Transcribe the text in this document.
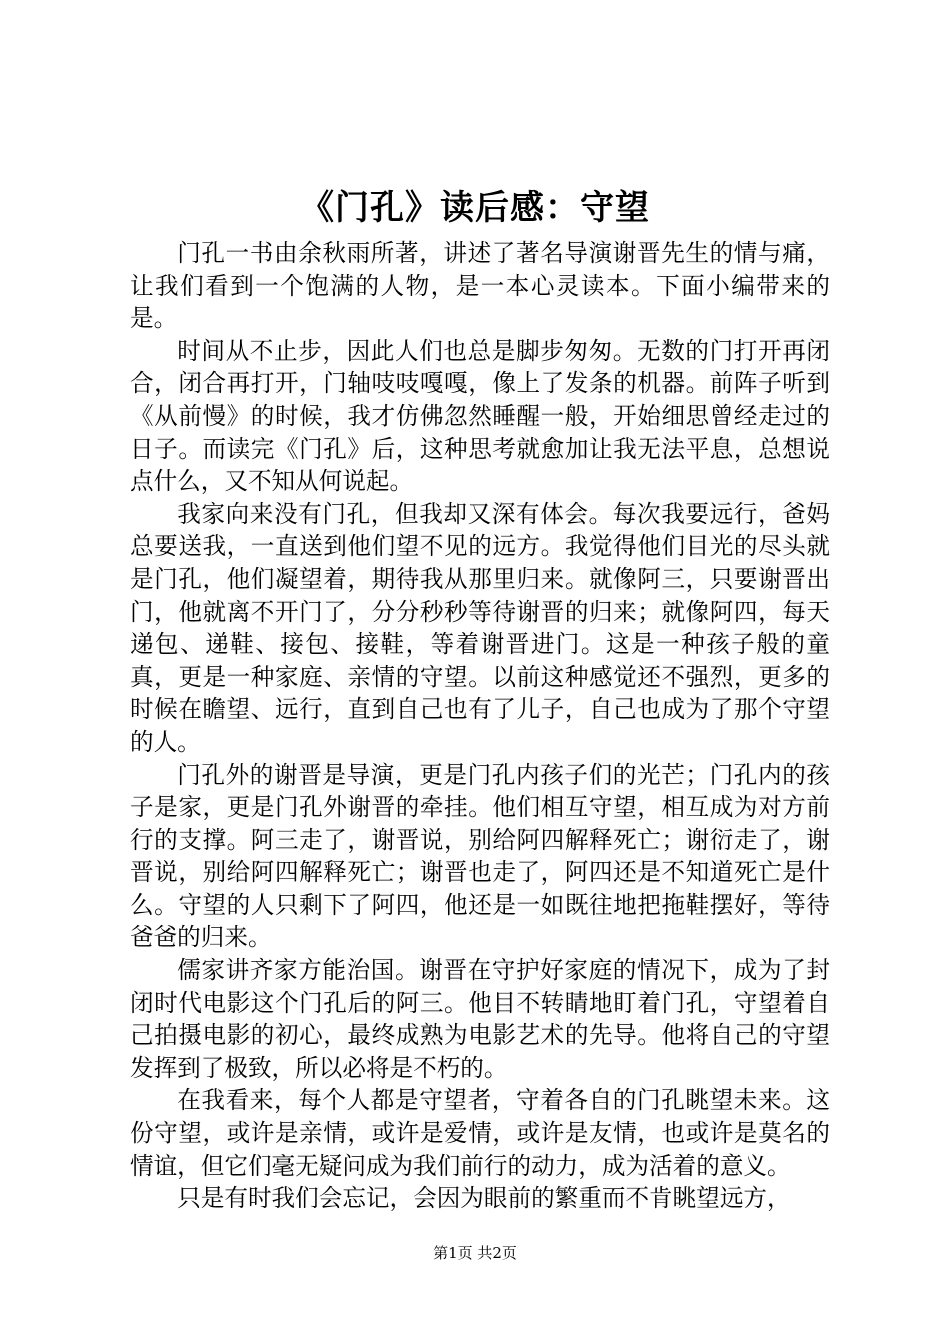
《门孔》读后感：守望

门孔一书由余秋雨所著，讲述了著名导演谢晋先生的情与痛，让我们看到一个饱满的人物，是一本心灵读本。下面小编带来的是。

时间从不止步，因此人们也总是脚步匆匆。无数的门打开再闭合，闭合再打开，门轴吱吱嘎嘎，像上了发条的机器。前阵子听到《从前慢》的时候，我才仿佛忽然睡醒一般，开始细思曾经走过的日子。而读完《门孔》后，这种思考就愈加让我无法平息，总想说点什么，又不知从何说起。

我家向来没有门孔，但我却又深有体会。每次我要远行，爸妈总要送我，一直送到他们望不见的远方。我觉得他们目光的尽头就是门孔，他们凝望着，期待我从那里归来。就像阿三，只要谢晋出门，他就离不开门了，分分秒秒等待谢晋的归来；就像阿四，每天递包、递鞋、接包、接鞋，等着谢晋进门。这是一种孩子般的童真，更是一种家庭、亲情的守望。以前这种感觉还不强烈，更多的时候在瞻望、远行，直到自己也有了儿子，自己也成为了那个守望的人。

门孔外的谢晋是导演，更是门孔内孩子们的光芒；门孔内的孩子是家，更是门孔外谢晋的牵挂。他们相互守望，相互成为对方前行的支撑。阿三走了，谢晋说，别给阿四解释死亡；谢衍走了，谢晋说，别给阿四解释死亡；谢晋也走了，阿四还是不知道死亡是什么。守望的人只剩下了阿四，他还是一如既往地把拖鞋摆好，等待爸爸的归来。

儒家讲齐家方能治国。谢晋在守护好家庭的情况下，成为了封闭时代电影这个门孔后的阿三。他目不转睛地盯着门孔，守望着自己拍摄电影的初心，最终成熟为电影艺术的先导。他将自己的守望发挥到了极致，所以必将是不朽的。

在我看来，每个人都是守望者，守着各自的门孔眺望未来。这份守望，或许是亲情，或许是爱情，或许是友情，也或许是莫名的情谊，但它们毫无疑问成为我们前行的动力，成为活着的意义。

只是有时我们会忘记，会因为眼前的繁重而不肯眺望远方，

第1页 共2页
